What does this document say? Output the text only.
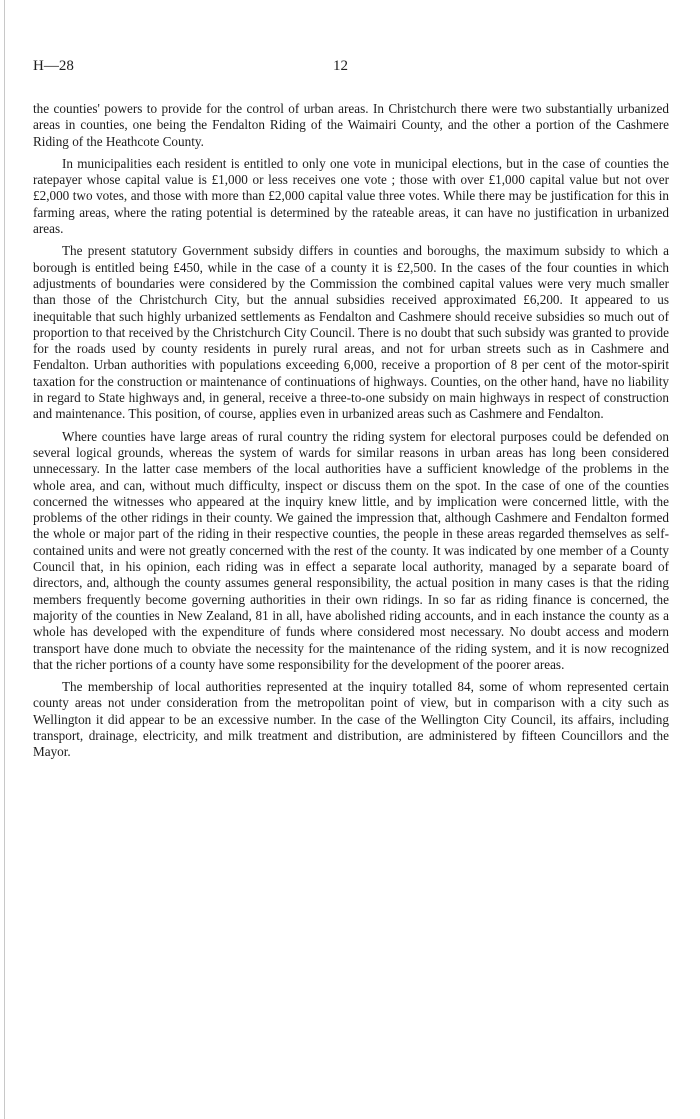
H—28	12

the counties' powers to provide for the control of urban areas. In Christchurch there were two substantially urbanized areas in counties, one being the Fendalton Riding of the Waimairi County, and the other a portion of the Cashmere Riding of the Heathcote County.

In municipalities each resident is entitled to only one vote in municipal elections, but in the case of counties the ratepayer whose capital value is £1,000 or less receives one vote ; those with over £1,000 capital value but not over £2,000 two votes, and those with more than £2,000 capital value three votes. While there may be justification for this in farming areas, where the rating potential is determined by the rateable areas, it can have no justification in urbanized areas.

The present statutory Government subsidy differs in counties and boroughs, the maximum subsidy to which a borough is entitled being £450, while in the case of a county it is £2,500. In the cases of the four counties in which adjustments of boundaries were considered by the Commission the combined capital values were very much smaller than those of the Christchurch City, but the annual subsidies received approximated £6,200. It appeared to us inequitable that such highly urbanized settlements as Fendalton and Cashmere should receive subsidies so much out of proportion to that received by the Christchurch City Council. There is no doubt that such subsidy was granted to provide for the roads used by county residents in purely rural areas, and not for urban streets such as in Cashmere and Fendalton. Urban authorities with populations exceeding 6,000, receive a proportion of 8 per cent of the motor-spirit taxation for the construction or maintenance of continuations of highways. Counties, on the other hand, have no liability in regard to State highways and, in general, receive a three-to-one subsidy on main highways in respect of construction and maintenance. This position, of course, applies even in urbanized areas such as Cashmere and Fendalton.

Where counties have large areas of rural country the riding system for electoral purposes could be defended on several logical grounds, whereas the system of wards for similar reasons in urban areas has long been considered unnecessary. In the latter case members of the local authorities have a sufficient knowledge of the problems in the whole area, and can, without much difficulty, inspect or discuss them on the spot. In the case of one of the counties concerned the witnesses who appeared at the inquiry knew little, and by implication were concerned little, with the problems of the other ridings in their county. We gained the impression that, although Cashmere and Fendalton formed the whole or major part of the riding in their respective counties, the people in these areas regarded themselves as self-contained units and were not greatly concerned with the rest of the county. It was indicated by one member of a County Council that, in his opinion, each riding was in effect a separate local authority, managed by a separate board of directors, and, although the county assumes general responsibility, the actual position in many cases is that the riding members frequently become governing authorities in their own ridings. In so far as riding finance is concerned, the majority of the counties in New Zealand, 81 in all, have abolished riding accounts, and in each instance the county as a whole has developed with the expenditure of funds where considered most necessary. No doubt access and modern transport have done much to obviate the necessity for the maintenance of the riding system, and it is now recognized that the richer portions of a county have some responsibility for the development of the poorer areas.

The membership of local authorities represented at the inquiry totalled 84, some of whom represented certain county areas not under consideration from the metropolitan point of view, but in comparison with a city such as Wellington it did appear to be an excessive number. In the case of the Wellington City Council, its affairs, including transport, drainage, electricity, and milk treatment and distribution, are administered by fifteen Councillors and the Mayor.
